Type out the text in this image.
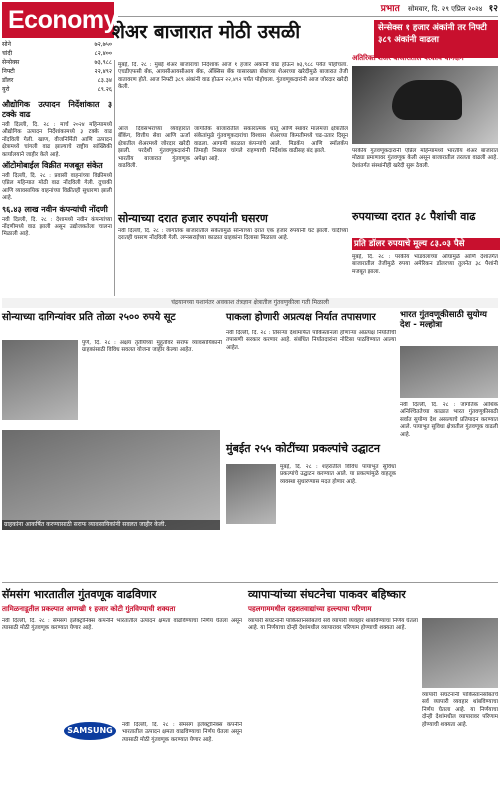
Economy	प्रभात सोमवार, दि. २९ एप्रिल २०२४ १२
शेअर बाजारात मोठी उसळी	सेन्सेक्स १ हजार अंकांनी तर निफ्टी ३८९ अंकांनी वाढला
सोने	७२,७५०
चांदी	८२,४००
सेन्सेक्स	७३,९८८
निफ्टी	२२,४९२
डॉलर	८३.३४
युरो	८९.२६
औद्योगिक उत्पादन निर्देशांकात ३ टक्के वाढ

नवी दिल्ली, दि. २८ : मार्च २०२४ महिन्यामध्ये औद्योगिक उत्पादन निर्देशांकामध्ये ३ टक्के वाढ नोंदविली गेली. खाण, वीजनिर्मिती आणि उत्पादन क्षेत्रामध्ये चांगली वाढ झाल्याचे राष्ट्रीय सांख्यिकी कार्यालयाने जाहीर केले आहे.

ऑटोमोबाईल विक्रीत मजबूत संकेत

नवी दिल्ली, दि. २८ : प्रवासी वाहनांच्या विक्रीमध्ये एप्रिल महिन्यात मोठी वाढ नोंदविली गेली. दुचाकी आणि व्यावसायिक वाहनांच्या विक्रीतही सुधारणा झाली आहे.

९६.४३ लाख नवीन कंपन्यांची नोंदणी

नवी दिल्ली, दि. २८ : देशामध्ये नवीन कंपन्यांच्या नोंदणीमध्ये वाढ झाली असून उद्योजकतेला चालना मिळाली आहे.

मुंबई, दि. २८ : मुंबई शेअर बाजाराचा निर्देशांक आज १ हजार अंकांनी वाढ होऊन ७३,९८८ पर्यंत पोहोचला. एचडीएफसी बँक, आयसीआयसीआय बँक, अ‍ॅक्सिस बँक यासारख्या बँकांच्या शेअरच्या खरेदीमुळे बाजारात तेजी वातावरण होते. आज निफ्टी ३८९ अंकांनी वाढ होऊन २२,४९२ पर्यंत पोहोचला. गुंतवणूकदारांनी आज जोरदार खरेदी केली.
आज दिवसभराच्या व्यवहारात बँकिंग, वित्तीय सेवा आणि ऊर्जा क्षेत्रातील शेअरमध्ये जोरदार खरेदी झाली. परदेशी गुंतवणूकदारांनी भारतीय बाजारात गुंतवणूक वाढविली.
जागतिक बाजारातील सकारात्मक संकेतांमुळे गुंतवणूकदारांचा विश्वास वाढला. आगामी काळात कंपन्यांचे तिमाही निकाल चांगले राहण्याची अपेक्षा आहे.
धातू आणि स्थावर मालमत्ता क्षेत्रातील शेअरच्या किमतीमध्ये चढ-उतार दिसून आले. मिडकॅप आणि स्मॉलकॅप निर्देशांक वाढीसह बंद झाले.
अतिरिक्त शेअर बाजारातील परकीय योगदान
परकीय गुंतवणूकदारांनी एप्रिल महिन्यामध्ये भारतीय शेअर बाजारात मोठ्या प्रमाणावर गुंतवणूक केली असून बाजारातील तरलता वाढली आहे. देशांतर्गत संस्थांनीही खरेदी सुरू ठेवली.
सोन्याच्या दरात हजार रुपयांनी घसरण
नवी दिल्ली, दि. २८ : जागतिक बाजारातील संकेतांमुळे सोन्याच्या दरात एक हजार रुपयांनी घट झाली. चांदीच्या दरातही घसरण नोंदविली गेली. लग्नसराईच्या काळात ग्राहकांना दिलासा मिळाला आहे.
रुपयाच्या दरात ३८ पैशांची वाढ
प्रति डॉलर रुपयाचे मूल्य ८३.०३ पैसे
मुंबई, दि. २८ : परकीय भांडवलाच्या ओघामुळे आणि देशांतर्गत बाजारातील तेजीमुळे रुपया अमेरिकन डॉलरच्या तुलनेत ३८ पैशांनी मजबूत झाला.
चंद्रयानच्या यशानंतर अवकाश तंत्रज्ञान क्षेत्रातील गुंतवणुकीला गती मिळाली
सोन्याच्या दागिन्यांवर प्रति तोळा २५०० रुपये सूट
पुणे, दि. २८ : अक्षय तृतीयेच्या मुहूर्तावर सराफ व्यावसायिकांनी ग्राहकांसाठी विविध सवलत योजना जाहीर केल्या आहेत.
ग्राहकांना आकर्षित करण्यासाठी सराफ व्यावसायिकांनी सवलत जाहीर केली.
पाकला होणारी अप्रत्यक्ष निर्यात तपासणार
नवी दिल्ली, दि. २८ : तिसऱ्या देशामार्फत पाकिस्तानला होणाऱ्या अप्रत्यक्ष निर्यातीची तपासणी सरकार करणार आहे. संबंधित निर्यातदारांना नोटिसा पाठविण्यात आल्या आहेत.
भारत गुंतवणूकीसाठी सुयोग्य देश - मल्होत्रा
नवी दिल्ली, दि. २८ : जागतिक आर्थिक अनिश्चिततेच्या काळात भारत गुंतवणुकीसाठी सर्वात सुयोग्य देश असल्याचे प्रतिपादन करण्यात आले. पायाभूत सुविधा क्षेत्रातील गुंतवणूक वाढली आहे.
मुंबईत २५५ कोटींच्या प्रकल्पांचे उद्घाटन
मुंबई, दि. २८ : शहरातील विविध पायाभूत सुविधा प्रकल्पांचे उद्घाटन करण्यात आले. या प्रकल्पांमुळे वाहतूक व्यवस्था सुधारण्यास मदत होणार आहे.
सॅमसंग भारतातील गुंतवणूक वाढविणार
तामिळनाडूतील प्रकल्पात आणखी १ हजार कोटी गुंतविण्याची शक्यता
नवी दिल्ली, दि. २८ : सॅमसंग इलेक्ट्रॉनिक्स कंपनीने भारतातील उत्पादन क्षमता वाढविण्याचा निर्णय घेतला असून त्यासाठी मोठी गुंतवणूक करण्यात येणार आहे.
SAMSUNG
नवी दिल्ली, दि. २८ : सॅमसंग इलेक्ट्रॉनिक्स कंपनीने भारतातील उत्पादन क्षमता वाढविण्याचा निर्णय घेतला असून त्यासाठी मोठी गुंतवणूक करण्यात येणार आहे.
व्यापाऱ्यांच्या संघटनेचा पाकवर बहिष्कार
पहलगाममधील दहशतवाद्यांच्या हल्ल्याचा परिणाम
व्यापारी संघटनांनी पाकिस्तानसोबतचे सर्व व्यापारी व्यवहार थांबविण्याचा निर्णय घेतला आहे. या निर्णयाचा दोन्ही देशांमधील व्यापारावर परिणाम होण्याची शक्यता आहे.
व्यापारी संघटनांनी पाकिस्तानसोबतचे सर्व व्यापारी व्यवहार थांबविण्याचा निर्णय घेतला आहे. या निर्णयाचा दोन्ही देशांमधील व्यापारावर परिणाम होण्याची शक्यता आहे.
